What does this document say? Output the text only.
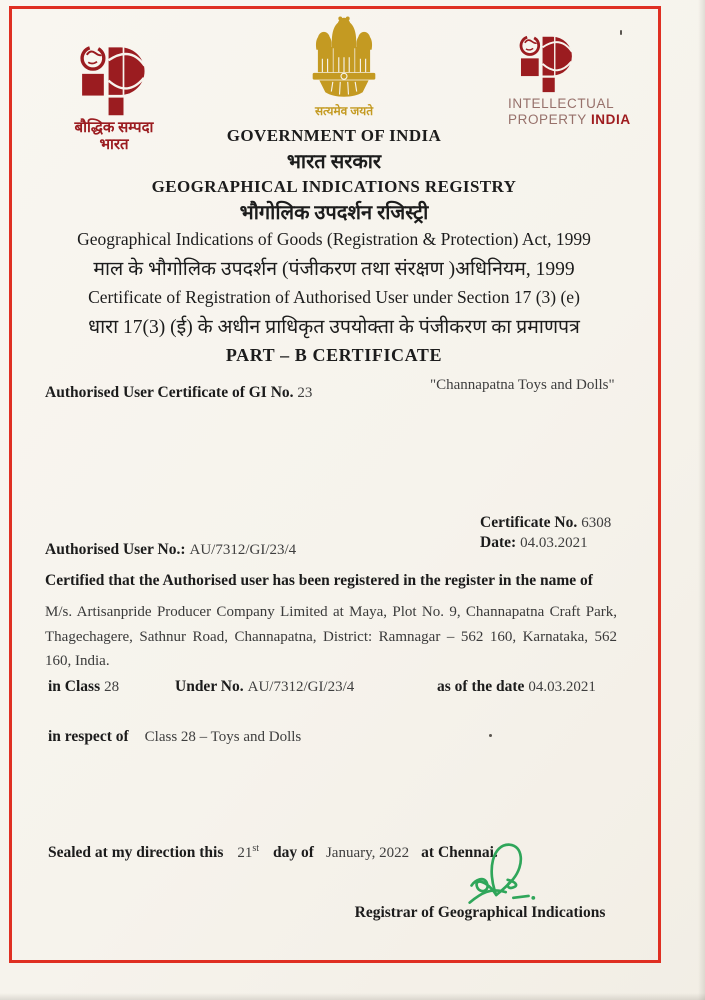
बौद्धिक सम्पदा
भारत
सत्यमेव जयते	INTELLECTUAL
PROPERTY INDIA
GOVERNMENT OF INDIA
भारत सरकार
GEOGRAPHICAL INDICATIONS REGISTRY
भौगोलिक उपदर्शन रजिस्ट्री
Geographical Indications of Goods (Registration & Protection) Act, 1999
माल के भौगोलिक उपदर्शन (पंजीकरण तथा संरक्षण )अधिनियम, 1999
Certificate of Registration of Authorised User under Section 17 (3) (e)
धारा 17(3) (ई) के अधीन प्राधिकृत उपयोक्ता के पंजीकरण का प्रमाणपत्र
PART – B CERTIFICATE
Authorised User Certificate of GI No. 23	"Channapatna Toys and Dolls"
Certificate No. 6308
Date: 04.03.2021
Authorised User No.: AU/7312/GI/23/4
Certified that the Authorised user has been registered in the register in the name of
M/s. Artisanpride Producer Company Limited at Maya, Plot No. 9, Channapatna Craft Park, Thagechagere, Sathnur Road, Channapatna, District: Ramnagar – 562 160, Karnataka, 562 160, India.
in Class 28	Under No. AU/7312/GI/23/4	as of the date 04.03.2021
in respect of Class 28 – Toys and Dolls
Sealed at my direction this 21st day of January, 2022 at Chennai.
Registrar of Geographical Indications
